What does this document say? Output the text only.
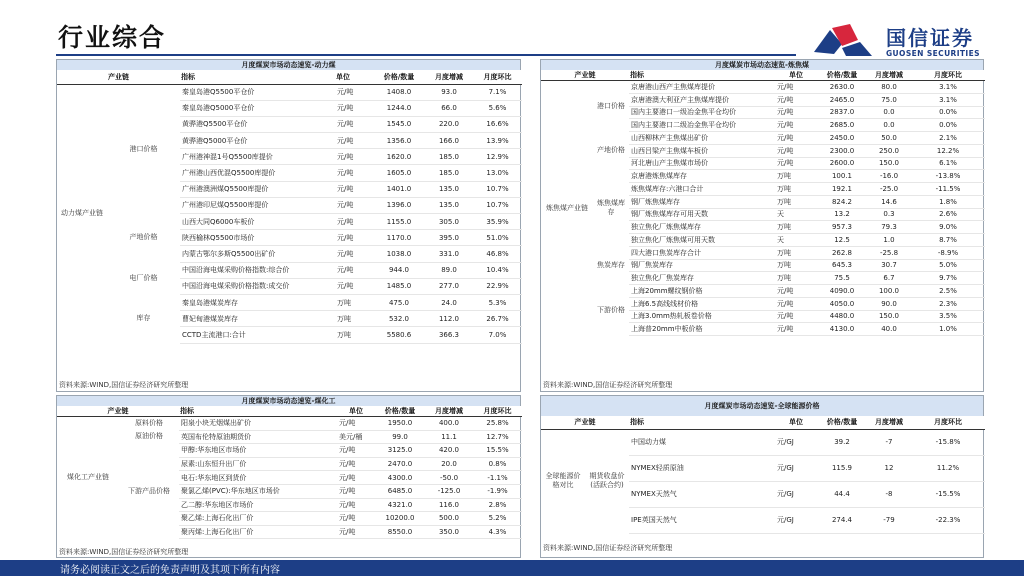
行业综合	国信证券
GUOSEN SECURITIES
月度煤炭市场动态速览-动力煤
产业链		指标	单位	价格/数量	月度增减	月度环比
动力煤产业链	港口价格	秦皇岛港Q5500平仓价	元/吨	1408.0	93.0	7.1%
		秦皇岛港Q5000平仓价	元/吨	1244.0	66.0	5.6%
		黄骅港Q5500平仓价	元/吨	1545.0	220.0	16.6%
		黄骅港Q5000平仓价	元/吨	1356.0	166.0	13.9%
		广州港神混1号Q5500库提价	元/吨	1620.0	185.0	12.9%
		广州港山西优混Q5500库提价	元/吨	1605.0	185.0	13.0%
		广州港澳洲煤Q5500库提价	元/吨	1401.0	135.0	10.7%
		广州港印尼煤Q5500库提价	元/吨	1396.0	135.0	10.7%
	产地价格	山西大同Q6000车板价	元/吨	1155.0	305.0	35.9%
		陕西榆林Q5500市场价	元/吨	1170.0	395.0	51.0%
		内蒙古鄂尔多斯Q5500出矿价	元/吨	1038.0	331.0	46.8%
	电厂价格	中国沿海电煤采购价格指数:综合价	元/吨	944.0	89.0	10.4%
		中国沿海电煤采购价格指数:成交价	元/吨	1485.0	277.0	22.9%
	库存	秦皇岛港煤炭库存	万吨	475.0	24.0	5.3%
		曹妃甸港煤炭库存	万吨	532.0	112.0	26.7%
		CCTD主流港口:合计	万吨	5580.6	366.3	7.0%
资料来源:WIND,国信证券经济研究所整理
月度煤炭市场动态速览-炼焦煤
产业链		指标	单位	价格/数量	月度增减	月度环比
炼焦煤产业链	港口价格	京唐港山西产主焦煤库提价	元/吨	2630.0	80.0	3.1%
		京唐港澳大利亚产主焦煤库提价	元/吨	2465.0	75.0	3.1%
		国内主要港口一级冶金焦平仓均价	元/吨	2837.0	0.0	0.0%
		国内主要港口二级冶金焦平仓均价	元/吨	2685.0	0.0	0.0%
	产地价格	山西柳林产主焦煤出矿价	元/吨	2450.0	50.0	2.1%
		山西吕梁产主焦煤车板价	元/吨	2300.0	250.0	12.2%
		河北唐山产主焦煤市场价	元/吨	2600.0	150.0	6.1%
	炼焦煤库存	京唐港炼焦煤库存	万吨	100.1	-16.0	-13.8%
		炼焦煤库存:六港口合计	万吨	192.1	-25.0	-11.5%
		钢厂炼焦煤库存	万吨	824.2	14.6	1.8%
		钢厂炼焦煤库存可用天数	天	13.2	0.3	2.6%
		独立焦化厂炼焦煤库存	万吨	957.3	79.3	9.0%
		独立焦化厂炼焦煤可用天数	天	12.5	1.0	8.7%
	焦炭库存	四大港口焦炭库存合计	万吨	262.8	-25.8	-8.9%
		钢厂焦炭库存	万吨	645.3	30.7	5.0%
		独立焦化厂焦炭库存	万吨	75.5	6.7	9.7%
	下游价格	上海20mm螺纹钢价格	元/吨	4090.0	100.0	2.5%
		上海6.5高线线材价格	元/吨	4050.0	90.0	2.3%
		上海3.0mm热轧板卷价格	元/吨	4480.0	150.0	3.5%
		上海普20mm中板价格	元/吨	4130.0	40.0	1.0%
资料来源:WIND,国信证券经济研究所整理
月度煤炭市场动态速览-煤化工
产业链		指标	单位	价格/数量	月度增减	月度环比
煤化工产业链	原料价格	阳泉小块无烟煤出矿价	元/吨	1950.0	400.0	25.8%
	原油价格	英国布伦特原油期货价	美元/桶	99.0	11.1	12.7%
	下游产品价格	甲醇:华东地区市场价	元/吨	3125.0	420.0	15.5%
		尿素:山东恒升出厂价	元/吨	2470.0	20.0	0.8%
		电石:华东地区到货价	元/吨	4300.0	-50.0	-1.1%
		聚氯乙烯(PVC):华东地区市场价	元/吨	6485.0	-125.0	-1.9%
		乙二醇:华东地区市场价	元/吨	4321.0	116.0	2.8%
		聚乙烯:上海石化出厂价	元/吨	10200.0	500.0	5.2%
		聚丙烯:上海石化出厂价	元/吨	8550.0	350.0	4.3%
资料来源:WIND,国信证券经济研究所整理
月度煤炭市场动态速览-全球能源价格
产业链		指标	单位	价格/数量	月度增减	月度环比
全球能源价格对比	期货收盘价(活跃合约)	中国动力煤	元/GJ	39.2	-7	-15.8%
		NYMEX轻质原油	元/GJ	115.9	12	11.2%
		NYMEX天然气	元/GJ	44.4	-8	-15.5%
		IPE英国天然气	元/GJ	274.4	-79	-22.3%
资料来源:WIND,国信证券经济研究所整理
请务必阅读正文之后的免责声明及其项下所有内容
